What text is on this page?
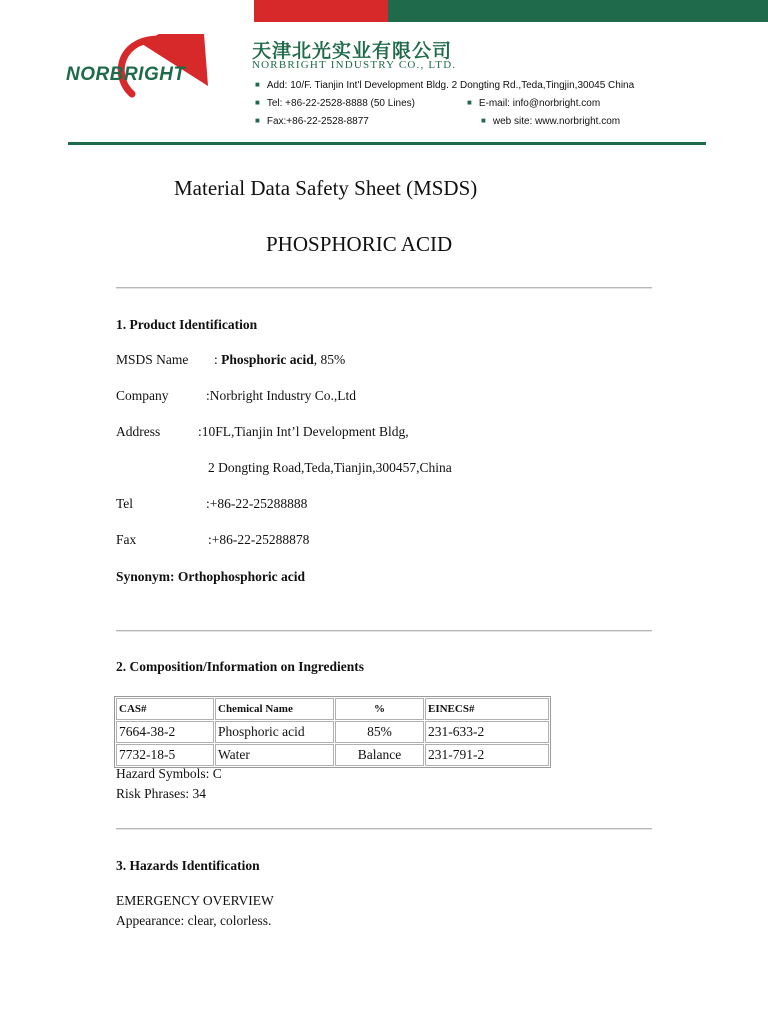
NORBRIGHT
天津北光实业有限公司
NORBRIGHT INDUSTRY CO., LTD.
■ Add: 10/F. Tianjin Int'l Development Bldg. 2 Dongting Rd.,Teda,Tingjin,30045 China
■ Tel: +86-22-2528-8888 (50 Lines)	■ E-mail: info@norbright.com
■ Fax:+86-22-2528-8877	■ web site: www.norbright.com
Material Data Safety Sheet (MSDS)
PHOSPHORIC ACID
1. Product Identification
MSDS Name : Phosphoric acid, 85%
Company	:Norbright Industry Co.,Ltd
Address	:10FL,Tianjin Int’l Development Bldg,
2 Dongting Road,Teda,Tianjin,300457,China
Tel	:+86-22-25288888
Fax	:+86-22-25288878
Synonym: Orthophosphoric acid
2. Composition/Information on Ingredients
CAS#	Chemical Name	%	EINECS#
7664-38-2	Phosphoric acid	85%	231-633-2
7732-18-5	Water	Balance	231-791-2
Hazard Symbols: C
Risk Phrases: 34
3. Hazards Identification
EMERGENCY OVERVIEW
Appearance: clear, colorless.
